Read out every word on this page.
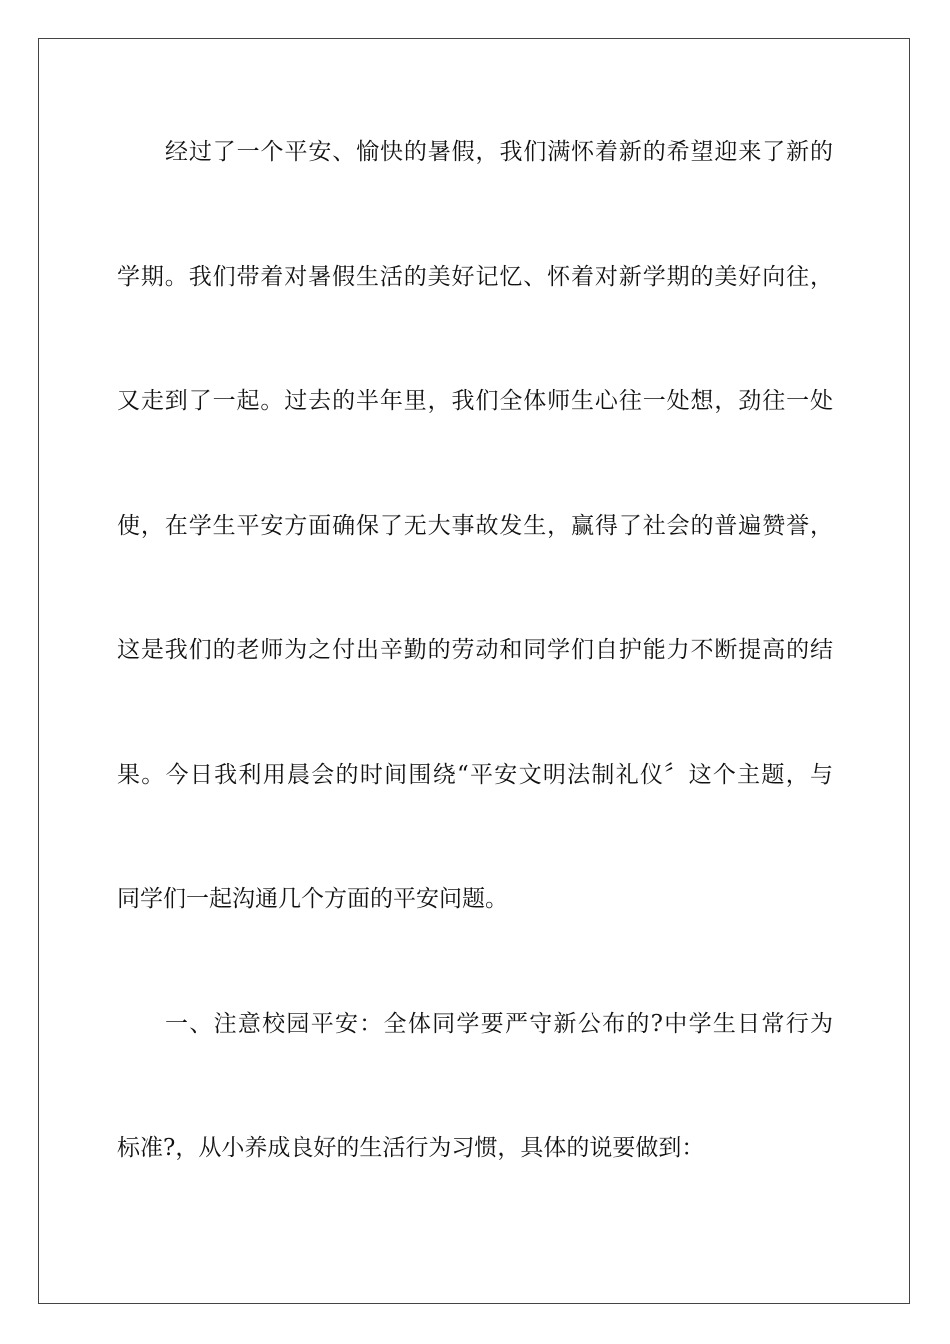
经过了一个平安、愉快的暑假，我们满怀着新的希望迎来了新的
学期。我们带着对暑假生活的美好记忆、怀着对新学期的美好向往，
又走到了一起。过去的半年里，我们全体师生心往一处想，劲往一处
使，在学生平安方面确保了无大事故发生，赢得了社会的普遍赞誉，
这是我们的老师为之付出辛勤的劳动和同学们自护能力不断提高的结
果。今日我利用晨会的时间围绕“平安文明法制礼仪〞这个主题，与
同学们一起沟通几个方面的平安问题。
一、注意校园平安：全体同学要严守新公布的?中学生日常行为
标准?，从小养成良好的生活行为习惯，具体的说要做到：
